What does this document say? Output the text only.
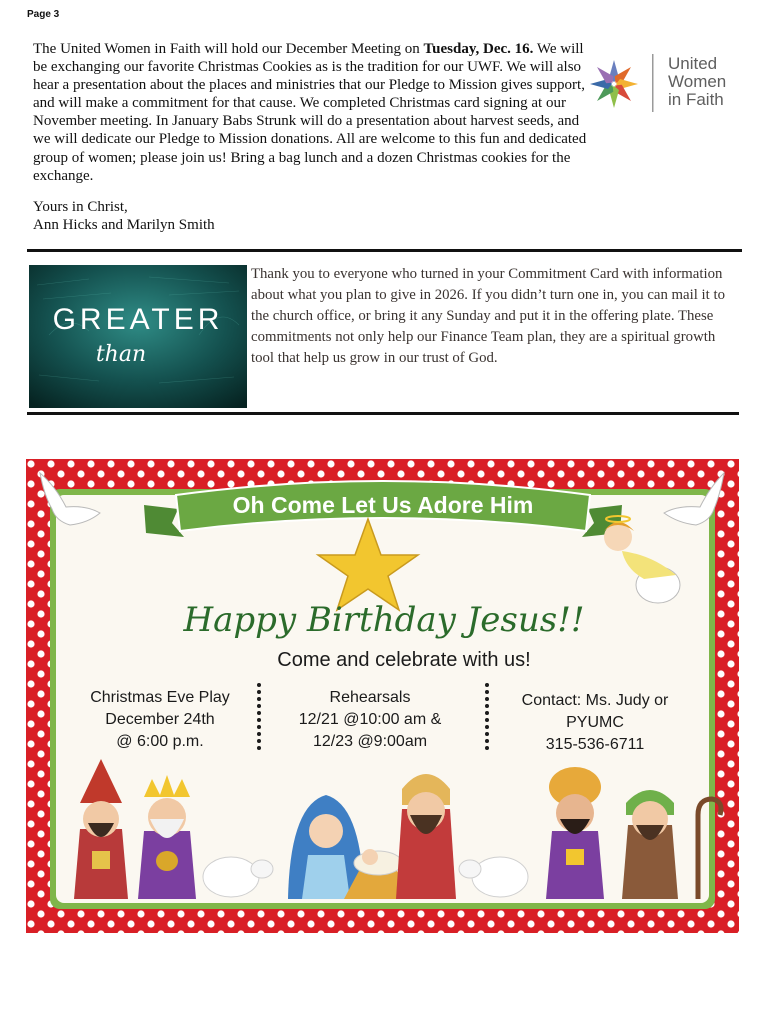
Page 3
The United Women in Faith will hold our December Meeting on Tuesday, Dec. 16. We will be exchanging our favorite Christmas Cookies as is the tradition for our UWF. We will also hear a presentation about the places and ministries that our Pledge to Mission gives support, and will make a commitment for that cause. We completed Christmas card signing at our November meeting. In January Babs Strunk will do a presentation about harvest seeds, and we will dedicate our Pledge to Mission donations. All are welcome to this fun and dedicated group of women; please join us! Bring a bag lunch and a dozen Christmas cookies for the exchange.
Yours in Christ,
Ann Hicks and Marilyn Smith
United
Women
in Faith
GREATER
than
Thank you to everyone who turned in your Commitment Card with information about what you plan to give in 2026. If you didn’t turn one in, you can mail it to the church office, or bring it any Sunday and put it in the offering plate. These commitments not only help our Finance Team plan, they are a spiritual growth tool that help us grow in our trust of God.
Oh Come Let Us Adore Him
Happy Birthday Jesus!!
Come and celebrate with us!
Christmas Eve Play
December 24th
@ 6:00 p.m.
Rehearsals
12/21 @10:00 am &
12/23 @9:00am
Contact: Ms. Judy or
PYUMC
315-536-6711
